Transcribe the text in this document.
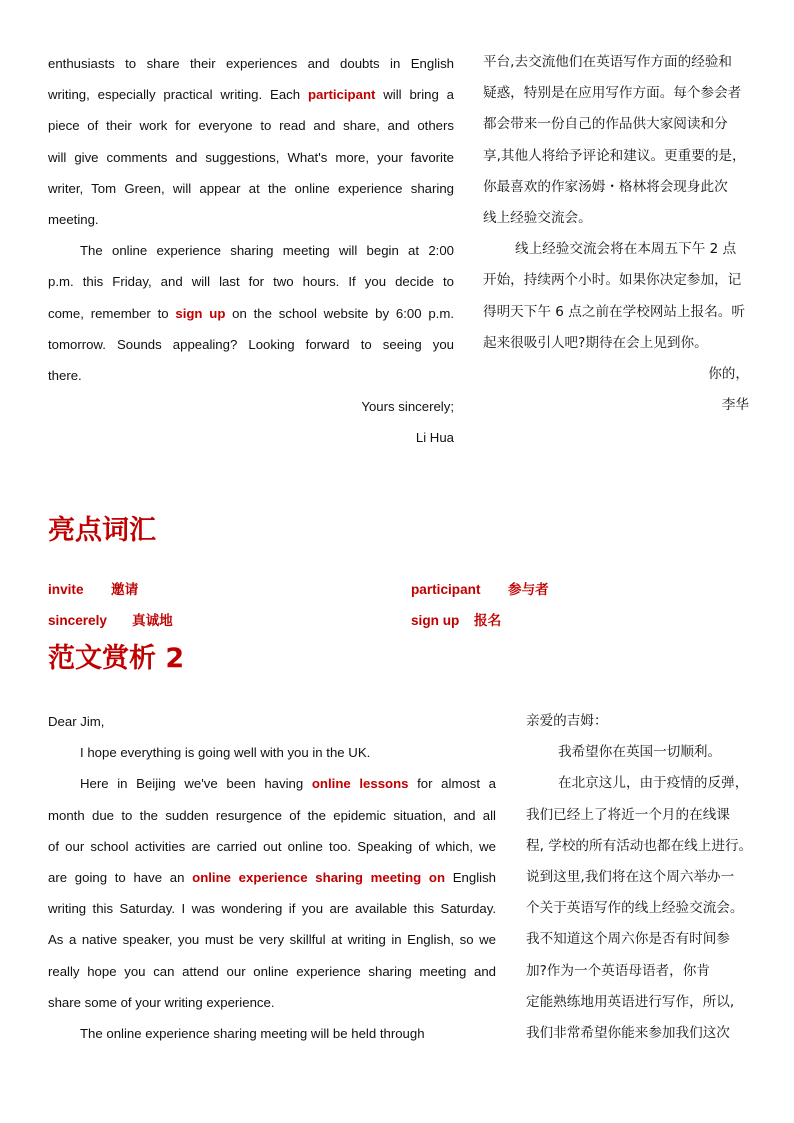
enthusiasts to share their experiences and doubts in English
writing, especially practical writing. Each participant will bring a
piece of their work for everyone to read and share, and others
will give comments and suggestions, What's more, your favorite
writer, Tom Green, will appear at the online experience sharing
meeting.
The online experience sharing meeting will begin at 2:00
p.m. this Friday, and will last for two hours. If you decide to
come, remember to sign up on the school website by 6:00 p.m.
tomorrow. Sounds appealing? Looking forward to seeing you
there.
Yours sincerely;
Li Hua
平台,去交流他们在英语写作方面的经验和
疑惑，特别是在应用写作方面。每个参会者
都会带来一份自己的作品供大家阅读和分
享,其他人将给予评论和建议。更重要的是，
你最喜欢的作家汤姆・格林将会现身此次
线上经验交流会。
线上经验交流会将在本周五下午 2 点
开始，持续两个小时。如果你决定参加，记
得明天下午 6 点之前在学校网站上报名。听
起来很吸引人吧?期待在会上见到你。
你的，
李华
亮点词汇
invite 邀请	participant 参与者
sincerely 真诚地	sign up 报名
范文赏析 2
Dear Jim,
I hope everything is going well with you in the UK.
Here in Beijing we've been having online lessons for almost a
month due to the sudden resurgence of the epidemic situation, and all
of our school activities are carried out online too. Speaking of which, we
are going to have an online experience sharing meeting on English
writing this Saturday. I was wondering if you are available this Saturday.
As a native speaker, you must be very skillful at writing in English, so we
really hope you can attend our online experience sharing meeting and
share some of your writing experience.
The online experience sharing meeting will be held through
亲爱的吉姆：
我希望你在英国一切顺利。
在北京这儿，由于疫情的反弹，
我们已经上了将近一个月的在线课
程, 学校的所有活动也都在线上进行。
说到这里,我们将在这个周六举办一
个关于英语写作的线上经验交流会。
我不知道这个周六你是否有时间参
加?作为一个英语母语者，你肯
定能熟练地用英语进行写作，所以,
我们非常希望你能来参加我们这次
